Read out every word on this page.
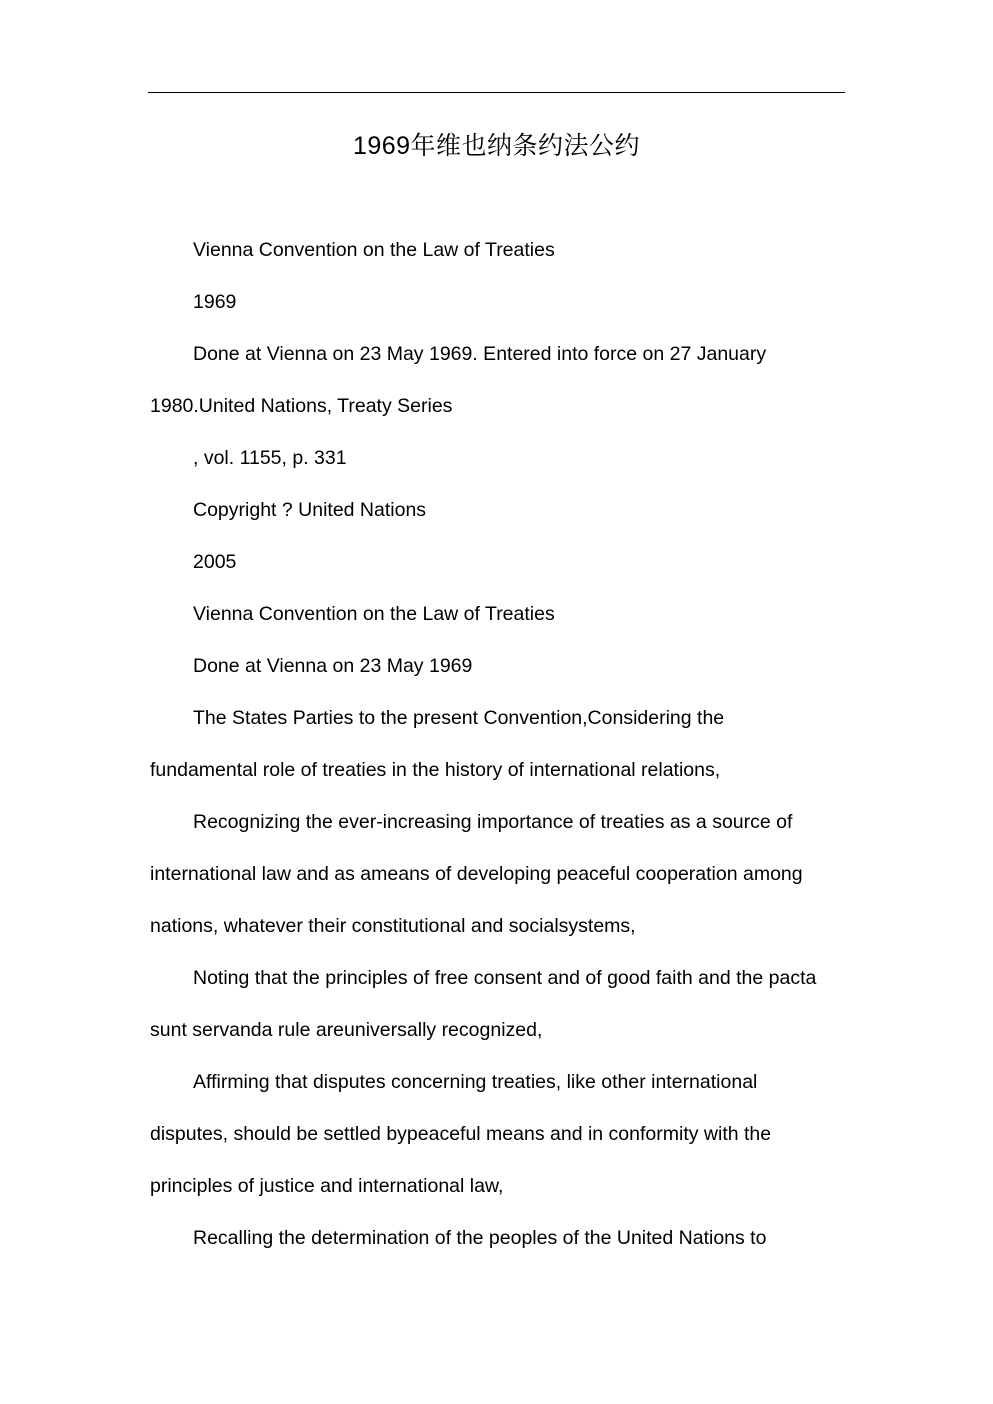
1969年维也纳条约法公约
Vienna Convention on the Law of Treaties
1969
Done at Vienna on 23 May 1969. Entered into force on 27 January
1980.United Nations, Treaty Series
, vol. 1155, p. 331
Copyright ? United Nations
2005
Vienna Convention on the Law of Treaties
Done at Vienna on 23 May 1969
The States Parties to the present Convention,Considering the
fundamental role of treaties in the history of international relations,
Recognizing the ever-increasing importance of treaties as a source of
international law and as ameans of developing peaceful cooperation among
nations, whatever their constitutional and socialsystems,
Noting that the principles of free consent and of good faith and the pacta
sunt servanda rule areuniversally recognized,
Affirming that disputes concerning treaties, like other international
disputes, should be settled bypeaceful means and in conformity with the
principles of justice and international law,
Recalling the determination of the peoples of the United Nations to
